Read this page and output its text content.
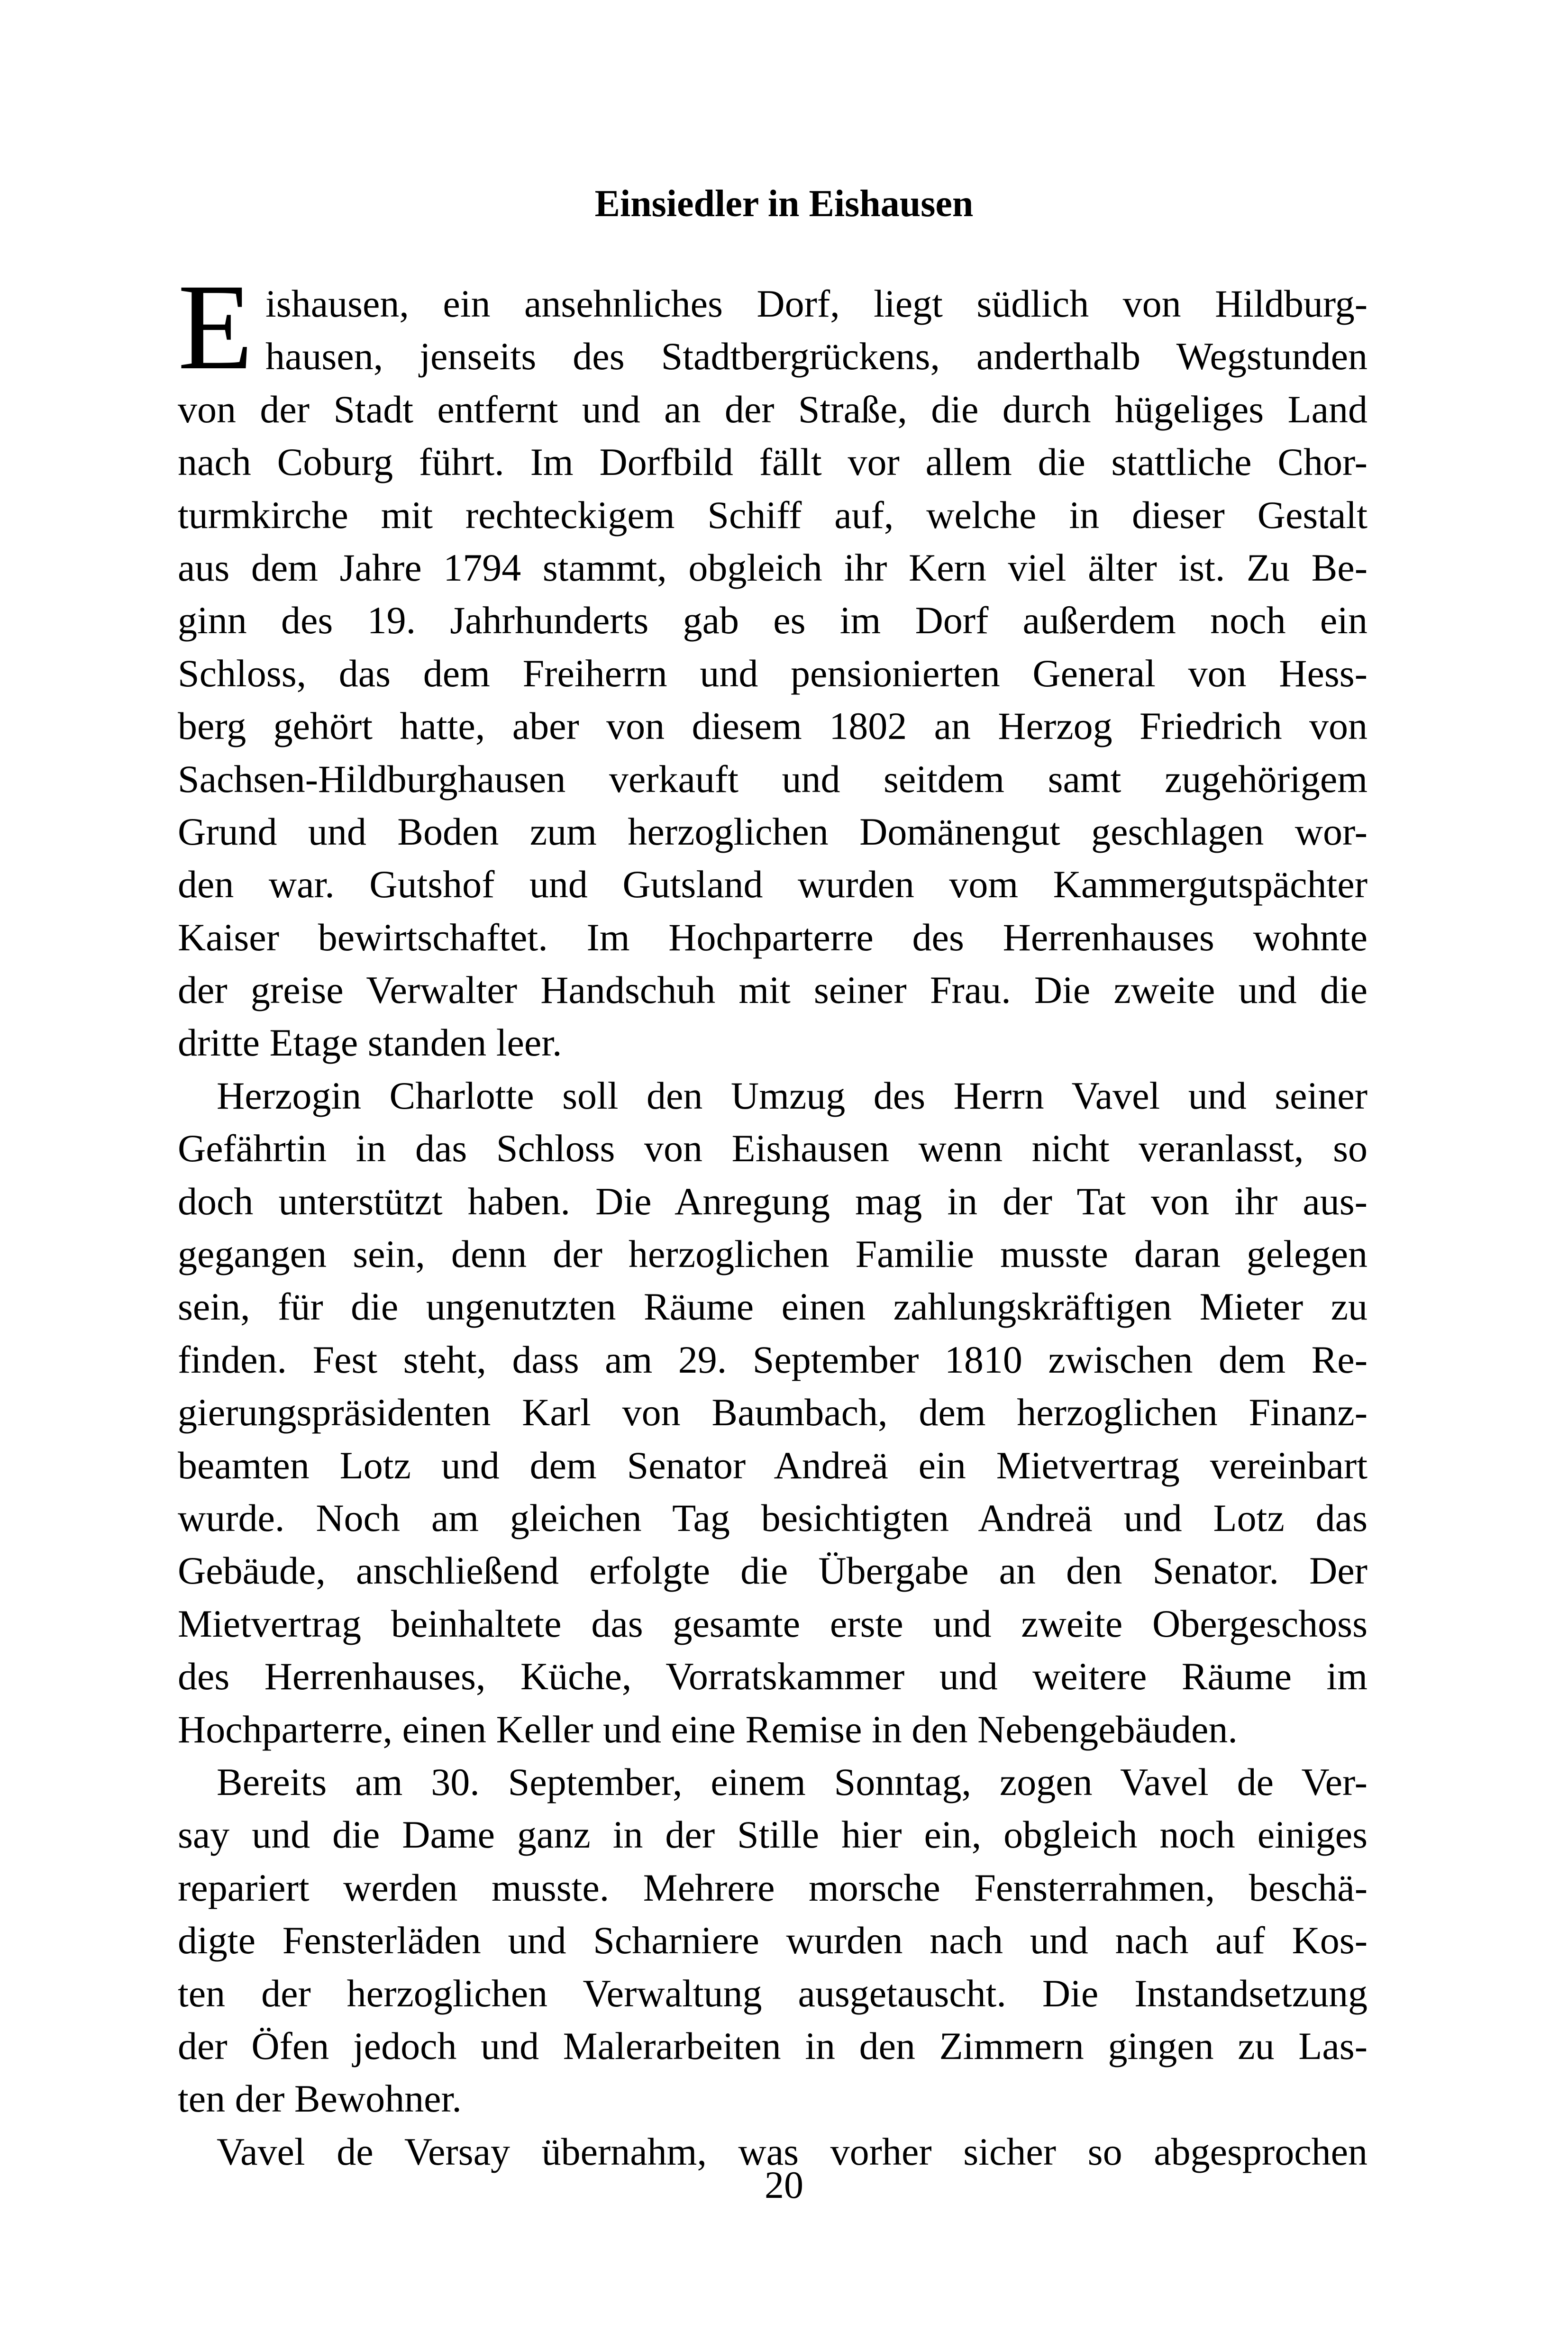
Einsiedler in Eishausen
E ishausen, ein ansehnliches Dorf, liegt südlich von Hildburg-
hausen, jenseits des Stadtbergrückens, anderthalb Wegstunden
von der Stadt entfernt und an der Straße, die durch hügeliges Land
nach Coburg führt. Im Dorfbild fällt vor allem die stattliche Chor-
turmkirche mit rechteckigem Schiff auf, welche in dieser Gestalt
aus dem Jahre 1794 stammt, obgleich ihr Kern viel älter ist. Zu Be-
ginn des 19. Jahrhunderts gab es im Dorf außerdem noch ein
Schloss, das dem Freiherrn und pensionierten General von Hess-
berg gehört hatte, aber von diesem 1802 an Herzog Friedrich von
Sachsen-Hildburghausen verkauft und seitdem samt zugehörigem
Grund und Boden zum herzoglichen Domänengut geschlagen wor-
den war. Gutshof und Gutsland wurden vom Kammergutspächter
Kaiser bewirtschaftet. Im Hochparterre des Herrenhauses wohnte
der greise Verwalter Handschuh mit seiner Frau. Die zweite und die
dritte Etage standen leer.
Herzogin Charlotte soll den Umzug des Herrn Vavel und seiner
Gefährtin in das Schloss von Eishausen wenn nicht veranlasst, so
doch unterstützt haben. Die Anregung mag in der Tat von ihr aus-
gegangen sein, denn der herzoglichen Familie musste daran gelegen
sein, für die ungenutzten Räume einen zahlungskräftigen Mieter zu
finden. Fest steht, dass am 29. September 1810 zwischen dem Re-
gierungspräsidenten Karl von Baumbach, dem herzoglichen Finanz-
beamten Lotz und dem Senator Andreä ein Mietvertrag vereinbart
wurde. Noch am gleichen Tag besichtigten Andreä und Lotz das
Gebäude, anschließend erfolgte die Übergabe an den Senator. Der
Mietvertrag beinhaltete das gesamte erste und zweite Obergeschoss
des Herrenhauses, Küche, Vorratskammer und weitere Räume im
Hochparterre, einen Keller und eine Remise in den Nebengebäuden.
Bereits am 30. September, einem Sonntag, zogen Vavel de Ver-
say und die Dame ganz in der Stille hier ein, obgleich noch einiges
repariert werden musste. Mehrere morsche Fensterrahmen, beschä-
digte Fensterläden und Scharniere wurden nach und nach auf Kos-
ten der herzoglichen Verwaltung ausgetauscht. Die Instandsetzung
der Öfen jedoch und Malerarbeiten in den Zimmern gingen zu Las-
ten der Bewohner.
Vavel de Versay übernahm, was vorher sicher so abgesprochen
20
